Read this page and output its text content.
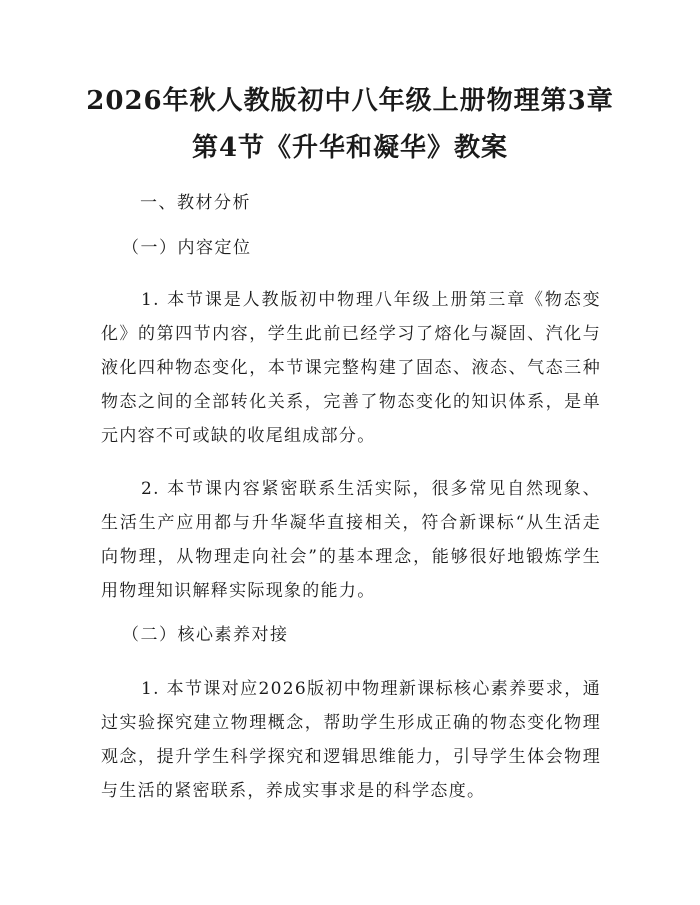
2026年秋人教版初中八年级上册物理第3章
第4节《升华和凝华》教案
一、教材分析
（一）内容定位

1. 本节课是人教版初中物理八年级上册第三章《物态变化》的第四节内容，学生此前已经学习了熔化与凝固、汽化与液化四种物态变化，本节课完整构建了固态、液态、气态三种物态之间的全部转化关系，完善了物态变化的知识体系，是单元内容不可或缺的收尾组成部分。

2. 本节课内容紧密联系生活实际，很多常见自然现象、生活生产应用都与升华凝华直接相关，符合新课标“从生活走向物理，从物理走向社会”的基本理念，能够很好地锻炼学生用物理知识解释实际现象的能力。

（二）核心素养对接

1. 本节课对应2026版初中物理新课标核心素养要求，通过实验探究建立物理概念，帮助学生形成正确的物态变化物理观念，提升学生科学探究和逻辑思维能力，引导学生体会物理与生活的紧密联系，养成实事求是的科学态度。
